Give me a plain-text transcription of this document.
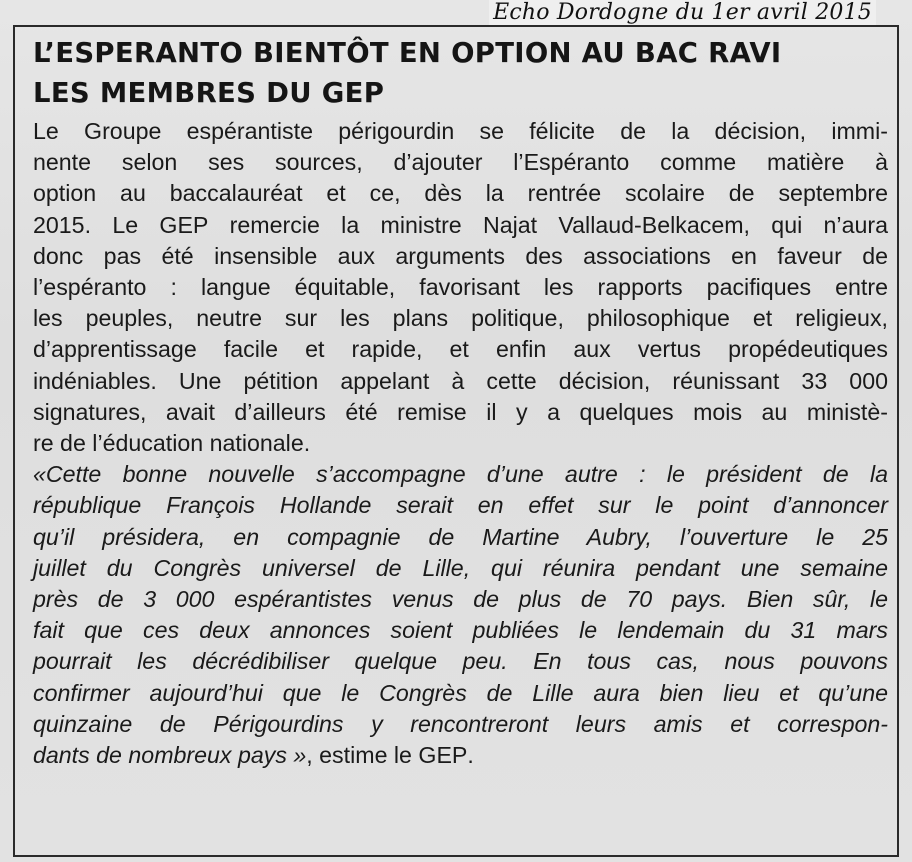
Echo Dordogne du 1er avril 2015
L’ESPERANTO BIENTÔT EN OPTION AU BAC RAVI
LES MEMBRES DU GEP
Le Groupe espérantiste périgourdin se félicite de la décision, immi-
nente selon ses sources, d’ajouter l’Espéranto comme matière à
option au baccalauréat et ce, dès la rentrée scolaire de septembre
2015. Le GEP remercie la ministre Najat Vallaud-Belkacem, qui n’aura
donc pas été insensible aux arguments des associations en faveur de
l’espéranto : langue équitable, favorisant les rapports pacifiques entre
les peuples, neutre sur les plans politique, philosophique et religieux,
d’apprentissage facile et rapide, et enfin aux vertus propédeutiques
indéniables. Une pétition appelant à cette décision, réunissant 33 000
signatures, avait d’ailleurs été remise il y a quelques mois au ministè-
re de l’éducation nationale.
«Cette bonne nouvelle s’accompagne d’une autre : le président de la
république François Hollande serait en effet sur le point d’annoncer
qu’il présidera, en compagnie de Martine Aubry, l’ouverture le 25
juillet du Congrès universel de Lille, qui réunira pendant une semaine
près de 3 000 espérantistes venus de plus de 70 pays. Bien sûr, le
fait que ces deux annonces soient publiées le lendemain du 31 mars
pourrait les décrédibiliser quelque peu. En tous cas, nous pouvons
confirmer aujourd’hui que le Congrès de Lille aura bien lieu et qu’une
quinzaine de Périgourdins y rencontreront leurs amis et correspon-
dants de nombreux pays », estime le GEP.
